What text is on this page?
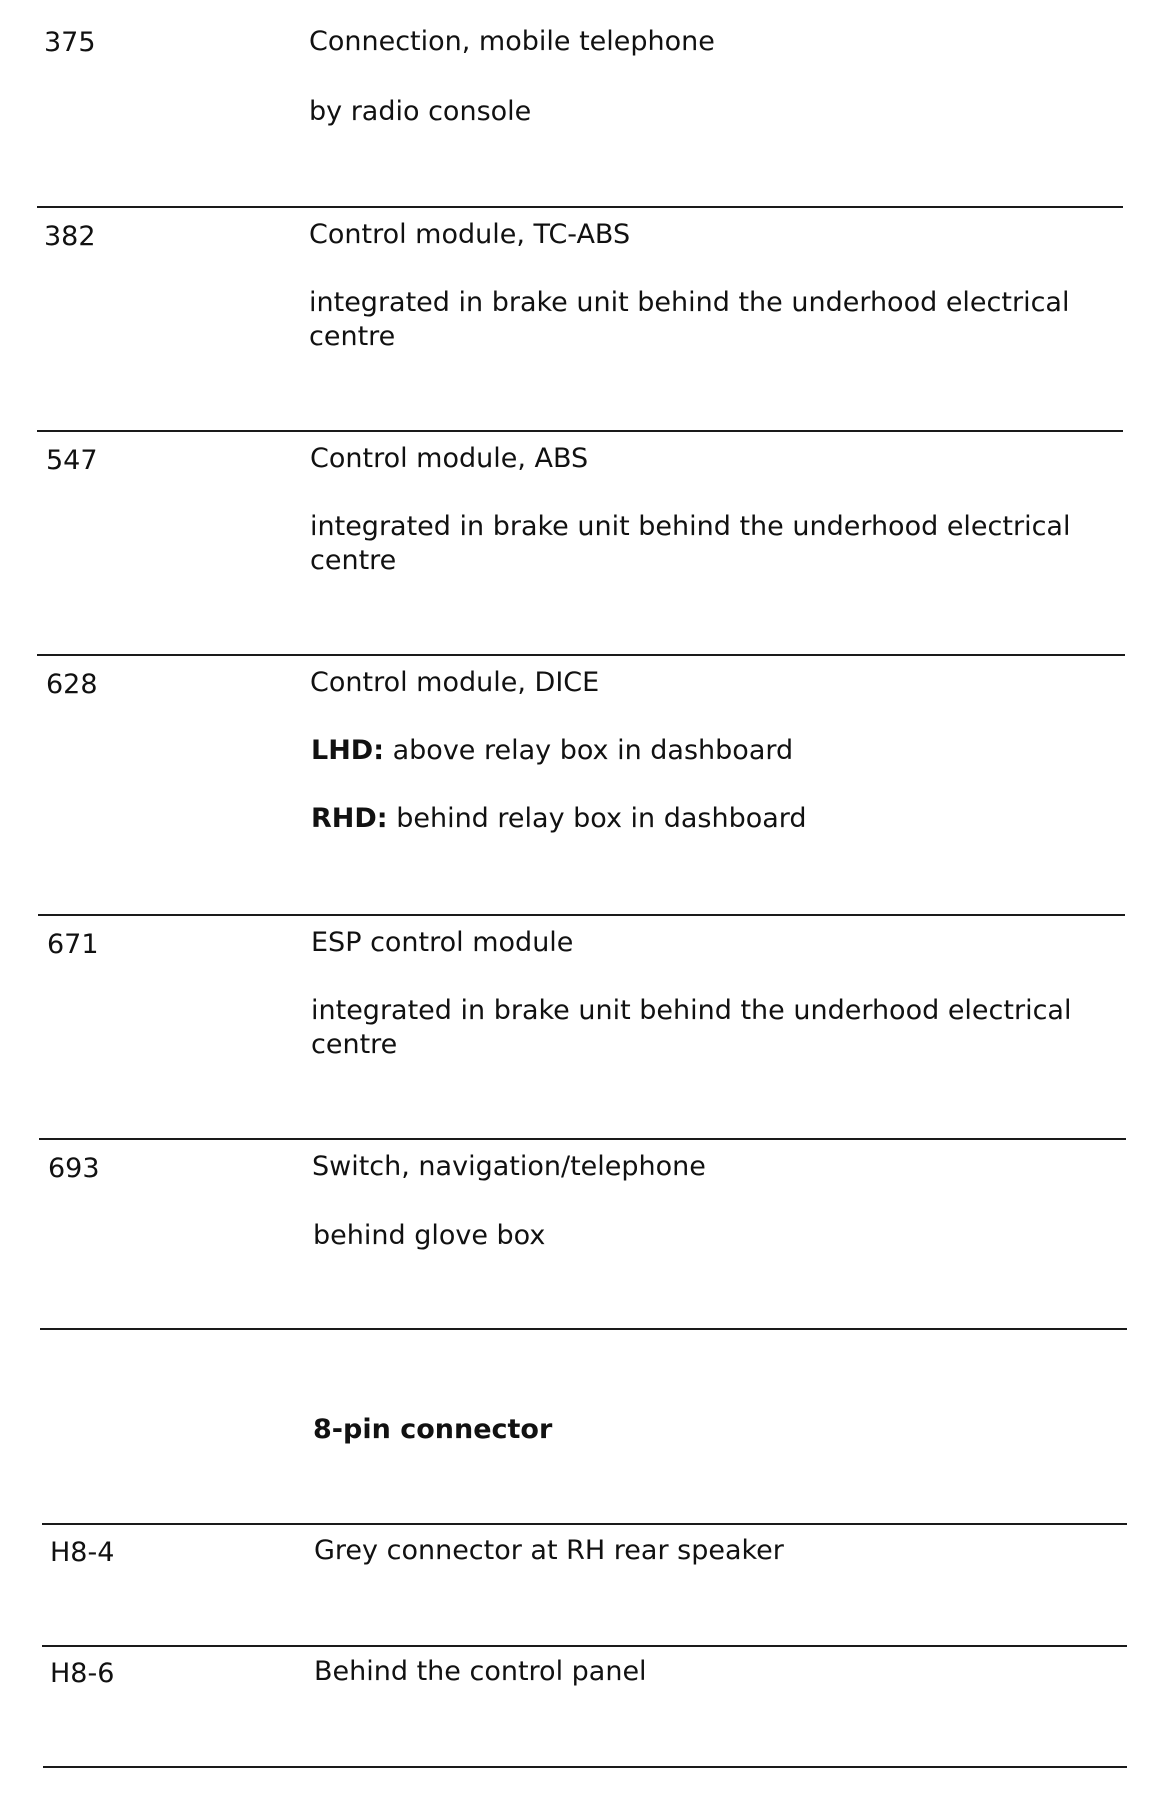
375	Connection, mobile telephone

by radio console

382	Control module, TC-ABS

integrated in brake unit behind the underhood electrical centre

547	Control module, ABS

integrated in brake unit behind the underhood electrical centre

628	Control module, DICE

LHD: above relay box in dashboard

RHD: behind relay box in dashboard

671	ESP control module

integrated in brake unit behind the underhood electrical centre

693	Switch, navigation/telephone

behind glove box

8-pin connector

H8-4	Grey connector at RH rear speaker

H8-6	Behind the control panel
